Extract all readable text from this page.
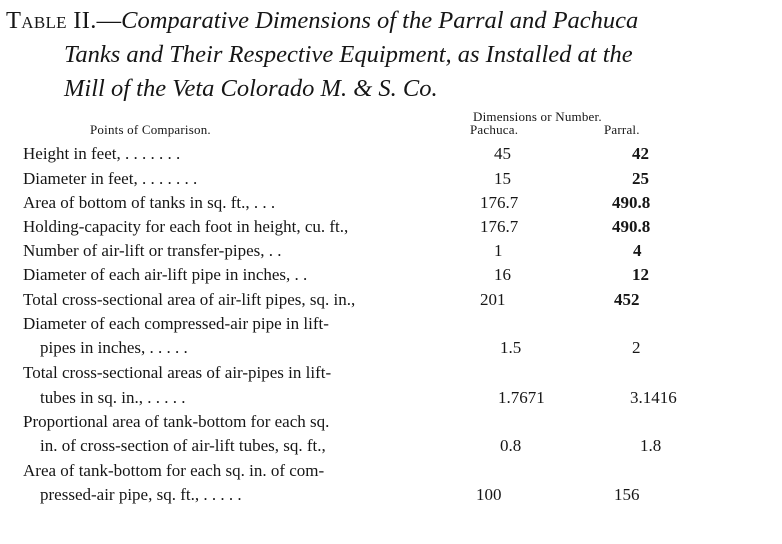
Table II.—Comparative Dimensions of the Parral and Pachuca
Tanks and Their Respective Equipment, as Installed at the
Mill of the Veta Colorado M. & S. Co.
Dimensions or Number.
Points of Comparison.	Pachuca.	Parral.
Height in feet, . . . . . . .	45	42
Diameter in feet, . . . . . . .	15	25
Area of bottom of tanks in sq. ft., . . .	176.7	490.8
Holding-capacity for each foot in height, cu. ft.,	176.7	490.8
Number of air-lift or transfer-pipes, . .	1	4
Diameter of each air-lift pipe in inches, . .	16	12
Total cross-sectional area of air-lift pipes, sq. in.,	201	452
Diameter of each compressed-air pipe in lift-
pipes in inches, . . . . .	1.5	2
Total cross-sectional areas of air-pipes in lift-
tubes in sq. in., . . . . .	1.7671	3.1416
Proportional area of tank-bottom for each sq.
in. of cross-section of air-lift tubes, sq. ft.,	0.8	1.8
Area of tank-bottom for each sq. in. of com-
pressed-air pipe, sq. ft., . . . . .	100	156
